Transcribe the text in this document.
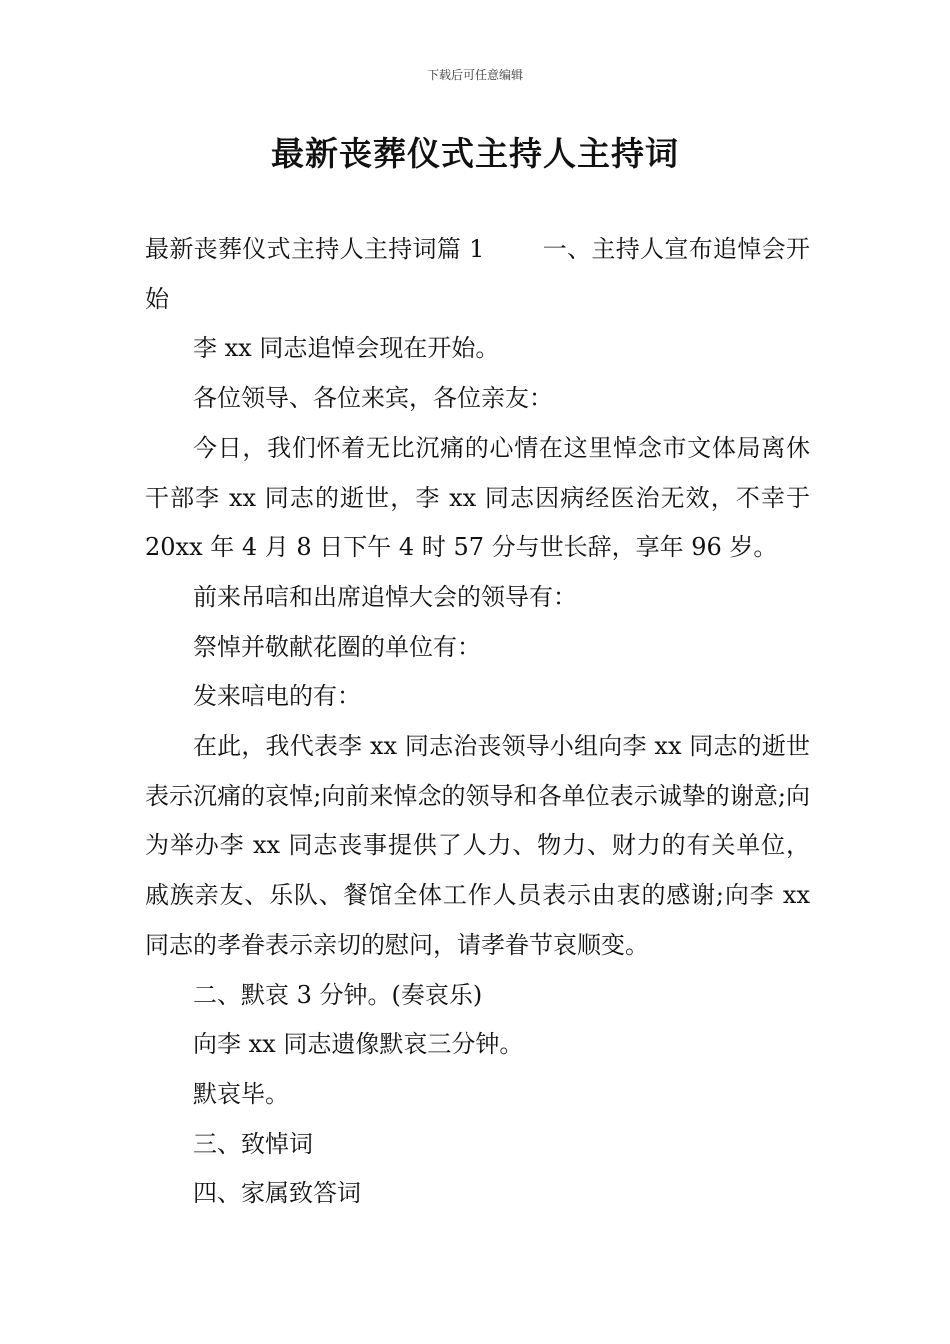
下载后可任意编辑
最新丧葬仪式主持人主持词

最新丧葬仪式主持人主持词篇 1 一、主持人宣布追悼会开始

李 xx 同志追悼会现在开始。

各位领导、各位来宾，各位亲友：

今日，我们怀着无比沉痛的心情在这里悼念市文体局离休干部李 xx 同志的逝世，李 xx 同志因病经医治无效，不幸于 20xx 年 4 月 8 日下午 4 时 57 分与世长辞，享年 96 岁。

前来吊唁和出席追悼大会的领导有：

祭悼并敬献花圈的单位有：

发来唁电的有：

在此，我代表李 xx 同志治丧领导小组向李 xx 同志的逝世表示沉痛的哀悼;向前来悼念的领导和各单位表示诚挚的谢意;向为举办李 xx 同志丧事提供了人力、物力、财力的有关单位，戚族亲友、乐队、餐馆全体工作人员表示由衷的感谢;向李 xx 同志的孝眷表示亲切的慰问，请孝眷节哀顺变。

二、默哀 3 分钟。(奏哀乐)

向李 xx 同志遗像默哀三分钟。

默哀毕。

三、致悼词

四、家属致答词
